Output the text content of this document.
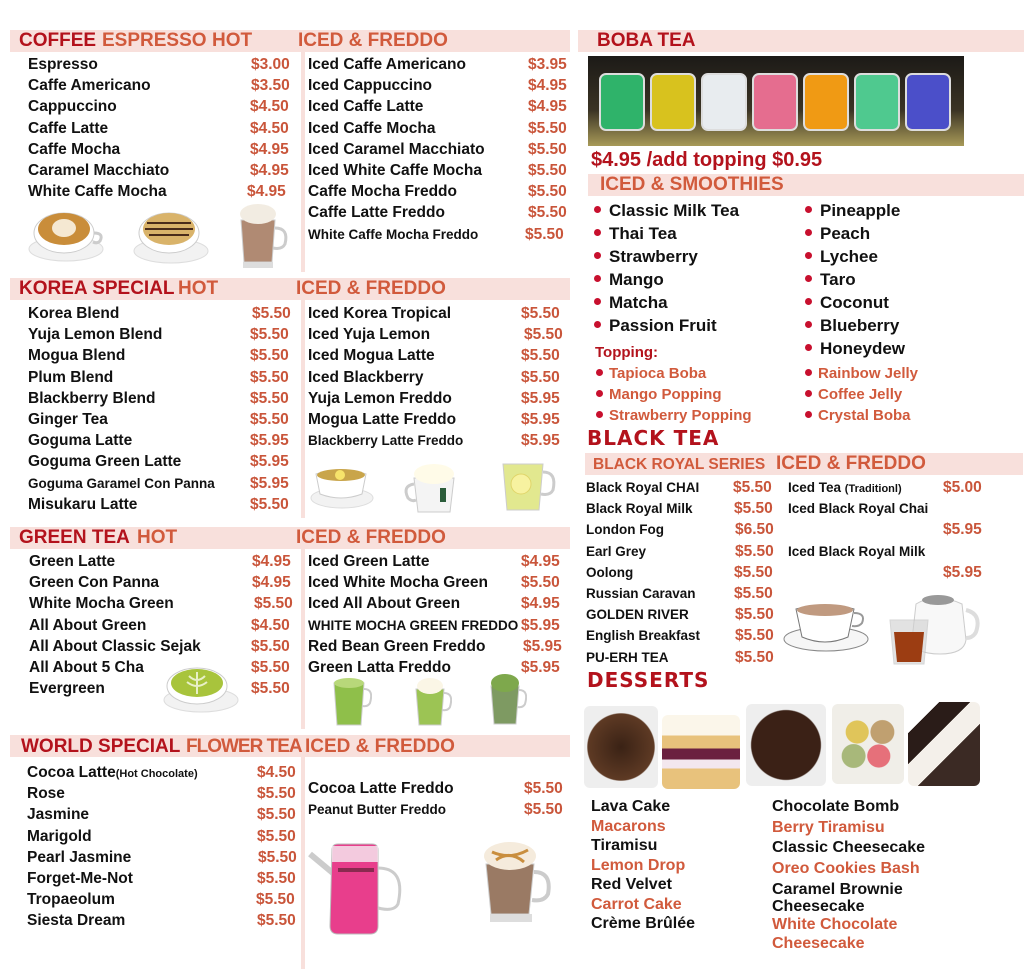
COFFEE ESPRESSO HOT ICED & FREDDO
Espresso	$3.00
Caffe Americano	$3.50
Cappuccino	$4.50
Caffe Latte	$4.50
Caffe Mocha	$4.95
Caramel Macchiato	$4.95
White Caffe Mocha	$4.95
Iced Caffe Americano	$3.95
Iced Cappuccino	$4.95
Iced Caffe Latte	$4.95
Iced Caffe Mocha	$5.50
Iced Caramel Macchiato	$5.50
Iced White Caffe Mocha	$5.50
Caffe Mocha Freddo	$5.50
Caffe Latte Freddo	$5.50
White Caffe Mocha Freddo	$5.50
KOREA SPECIAL HOT	ICED & FREDDO
Korea Blend	$5.50
Yuja Lemon Blend	$5.50
Mogua Blend	$5.50
Plum Blend	$5.50
Blackberry Blend	$5.50
Ginger Tea	$5.50
Goguma Latte	$5.95
Goguma Green Latte	$5.95
Goguma Garamel Con Panna $5.95
Misukaru Latte	$5.50
Iced Korea Tropical	$5.50
Iced Yuja Lemon	$5.50
Iced Mogua Latte	$5.50
Iced Blackberry	$5.50
Yuja Lemon Freddo	$5.95
Mogua Latte Freddo	$5.95
Blackberry Latte Freddo	$5.95
GREEN TEA HOT	ICED & FREDDO
Green Latte	$4.95
Green Con Panna	$4.95
White Mocha Green	$5.50
All About Green	$4.50
All About Classic Sejak	$5.50
All About 5 Cha	$5.50
Evergreen	$5.50
Iced Green Latte	$4.95
Iced White Mocha Green $5.50
Iced All About Green	$4.95
WHITE MOCHA GREEN FREDDO $5.95
Red Bean Green Freddo $5.95
Green Latta Freddo	$5.95
WORLD SPECIAL FLOWER TEA ICED & FREDDO
Cocoa Latte(Hot Chocolate)	$4.50
Rose	$5.50
Jasmine	$5.50
Marigold	$5.50
Pearl Jasmine	$5.50
Forget-Me-Not	$5.50
Tropaeolum	$5.50
Siesta Dream	$5.50
Cocoa Latte Freddo	$5.50
Peanut Butter Freddo	$5.50
BOBA TEA
$4.95 /add topping $0.95
ICED & SMOOTHIES
Classic Milk Tea
Thai Tea
Strawberry
Mango
Matcha
Passion Fruit
Pineapple
Peach
Lychee
Taro
Coconut
Blueberry
Honeydew
Topping:
Tapioca Boba
Mango Popping
Strawberry Popping
Rainbow Jelly
Coffee Jelly
Crystal Boba
BLACK TEA
BLACK ROYAL SERIES ICED & FREDDO
Black Royal CHAI $5.50
Black Royal Milk	$5.50
London Fog	$6.50
Earl Grey	$5.50
Oolong	$5.50
Russian Caravan $5.50
GOLDEN RIVER	$5.50
English Breakfast $5.50
PU-ERH TEA	$5.50
Iced Tea (Traditionl)	$5.00
Iced Black Royal Chai
$5.95
Iced Black Royal Milk
$5.95
DESSERTS
Lava Cake
Macarons
Tiramisu
Lemon Drop
Red Velvet
Carrot Cake
Crème Brûlée
Chocolate Bomb
Berry Tiramisu
Classic Cheesecake
Oreo Cookies Bash
Caramel Brownie
Cheesecake
White Chocolate
Cheesecake
